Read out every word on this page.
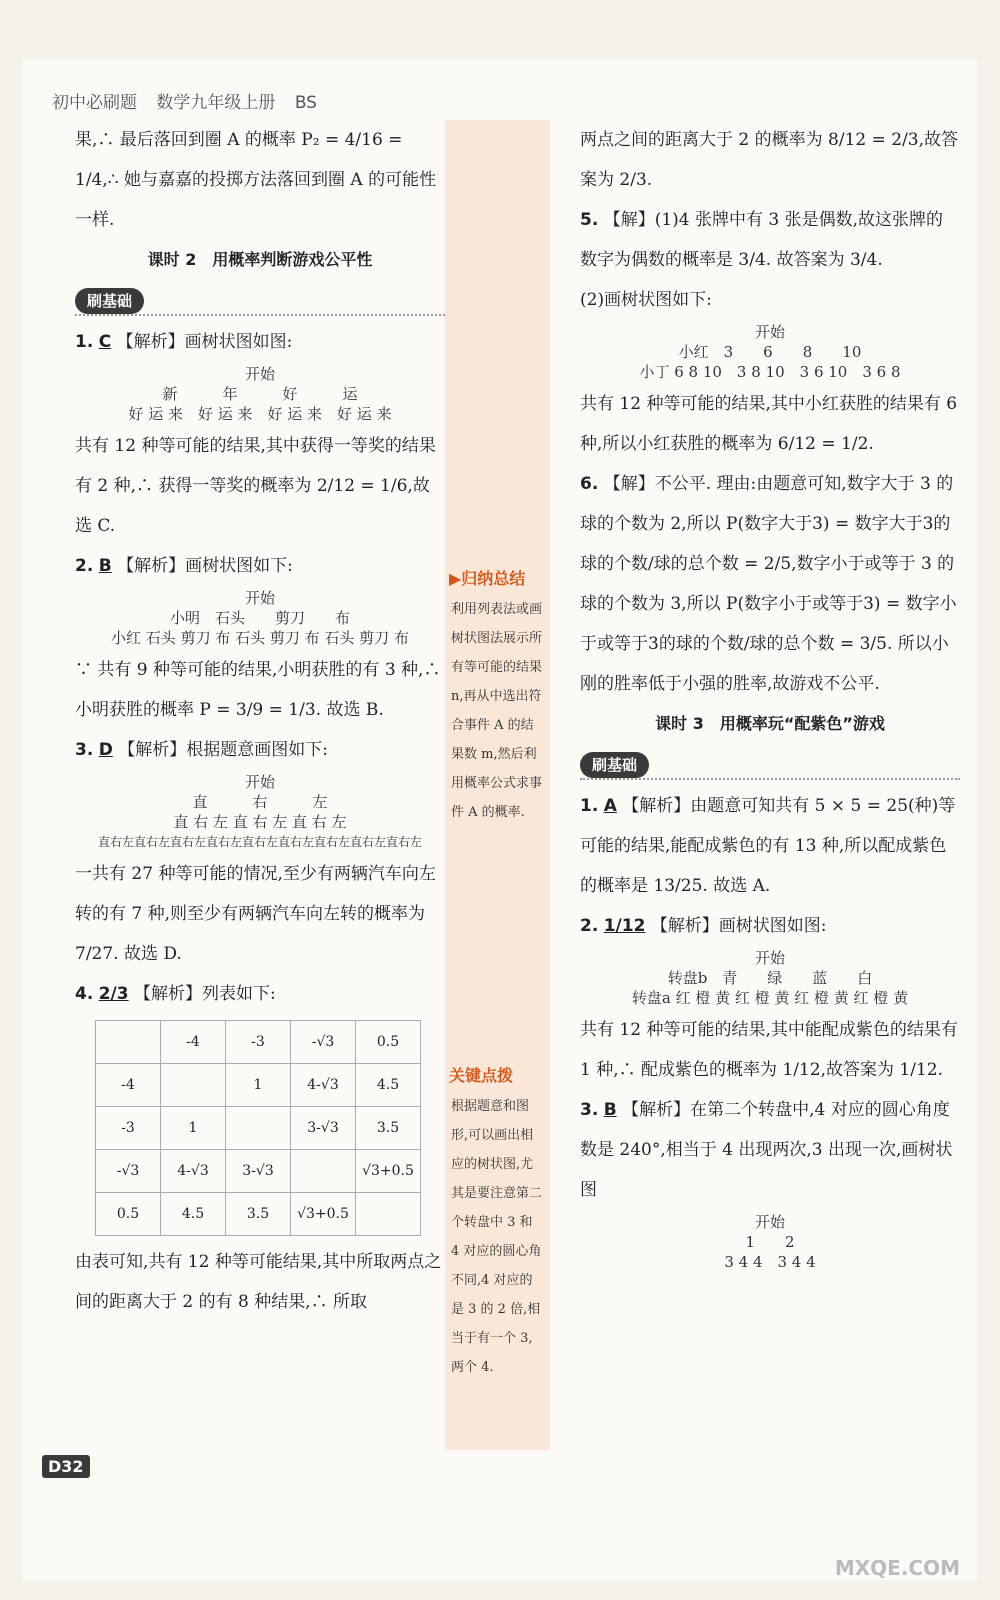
初中必刷题 数学九年级上册 BS
果,∴ 最后落回到圈 A 的概率 P₂ = 4/16 = 1/4,∴ 她与嘉嘉的投掷方法落回到圈 A 的可能性一样.
课时 2　用概率判断游戏公平性
刷基础
1. C 【解析】画树状图如图:
开始
新　　　年　　　好　　　运
好 运 来　好 运 来　好 运 来　好 运 来
共有 12 种等可能的结果,其中获得一等奖的结果有 2 种,∴ 获得一等奖的概率为 2/12 = 1/6,故选 C.
2. B 【解析】画树状图如下:
开始
小明　石头　　剪刀　　布
小红 石头 剪刀 布 石头 剪刀 布 石头 剪刀 布
∵ 共有 9 种等可能的结果,小明获胜的有 3 种,∴ 小明获胜的概率 P = 3/9 = 1/3. 故选 B.
3. D 【解析】根据题意画图如下:
开始
直　　　右　　　左
直 右 左 直 右 左 直 右 左
直右左直右左直右左直右左直右左直右左直右左直右左直右左
一共有 27 种等可能的情况,至少有两辆汽车向左转的有 7 种,则至少有两辆汽车向左转的概率为 7/27. 故选 D.
4. 2/3 【解析】列表如下:
	-4	-3	-√3	0.5
-4		1	4-√3	4.5
-3	1		3-√3	3.5
-√3	4-√3	3-√3		√3+0.5
0.5	4.5	3.5	√3+0.5	
由表可知,共有 12 种等可能结果,其中所取两点之间的距离大于 2 的有 8 种结果,∴ 所取
▶归纳总结
利用列表法或画树状图法展示所有等可能的结果 n,再从中选出符合事件 A 的结果数 m,然后利用概率公式求事件 A 的概率.
关键点拨
根据题意和图形,可以画出相应的树状图,尤其是要注意第二个转盘中 3 和 4 对应的圆心角不同,4 对应的是 3 的 2 倍,相当于有一个 3,两个 4.
两点之间的距离大于 2 的概率为 8/12 = 2/3,故答案为 2/3.
5. 【解】(1)4 张牌中有 3 张是偶数,故这张牌的数字为偶数的概率是 3/4. 故答案为 3/4.
(2)画树状图如下:
开始
小红　3　　6　　8　　10
小丁 6 8 10　3 8 10　3 6 10　3 6 8
共有 12 种等可能的结果,其中小红获胜的结果有 6 种,所以小红获胜的概率为 6/12 = 1/2.
6. 【解】不公平. 理由:由题意可知,数字大于 3 的球的个数为 2,所以 P(数字大于3) = 数字大于3的球的个数/球的总个数 = 2/5,数字小于或等于 3 的球的个数为 3,所以 P(数字小于或等于3) = 数字小于或等于3的球的个数/球的总个数 = 3/5. 所以小刚的胜率低于小强的胜率,故游戏不公平.
课时 3　用概率玩“配紫色”游戏
刷基础
1. A 【解析】由题意可知共有 5 × 5 = 25(种)等可能的结果,能配成紫色的有 13 种,所以配成紫色的概率是 13/25. 故选 A.
2. 1/12 【解析】画树状图如图:
开始
转盘b　青　　绿　　蓝　　白
转盘a 红 橙 黄 红 橙 黄 红 橙 黄 红 橙 黄
共有 12 种等可能的结果,其中能配成紫色的结果有 1 种,∴ 配成紫色的概率为 1/12,故答案为 1/12.
3. B 【解析】在第二个转盘中,4 对应的圆心角度数是 240°,相当于 4 出现两次,3 出现一次,画树状图
开始
1　　2
3 4 4　3 4 4
D32
MXQE.COM
